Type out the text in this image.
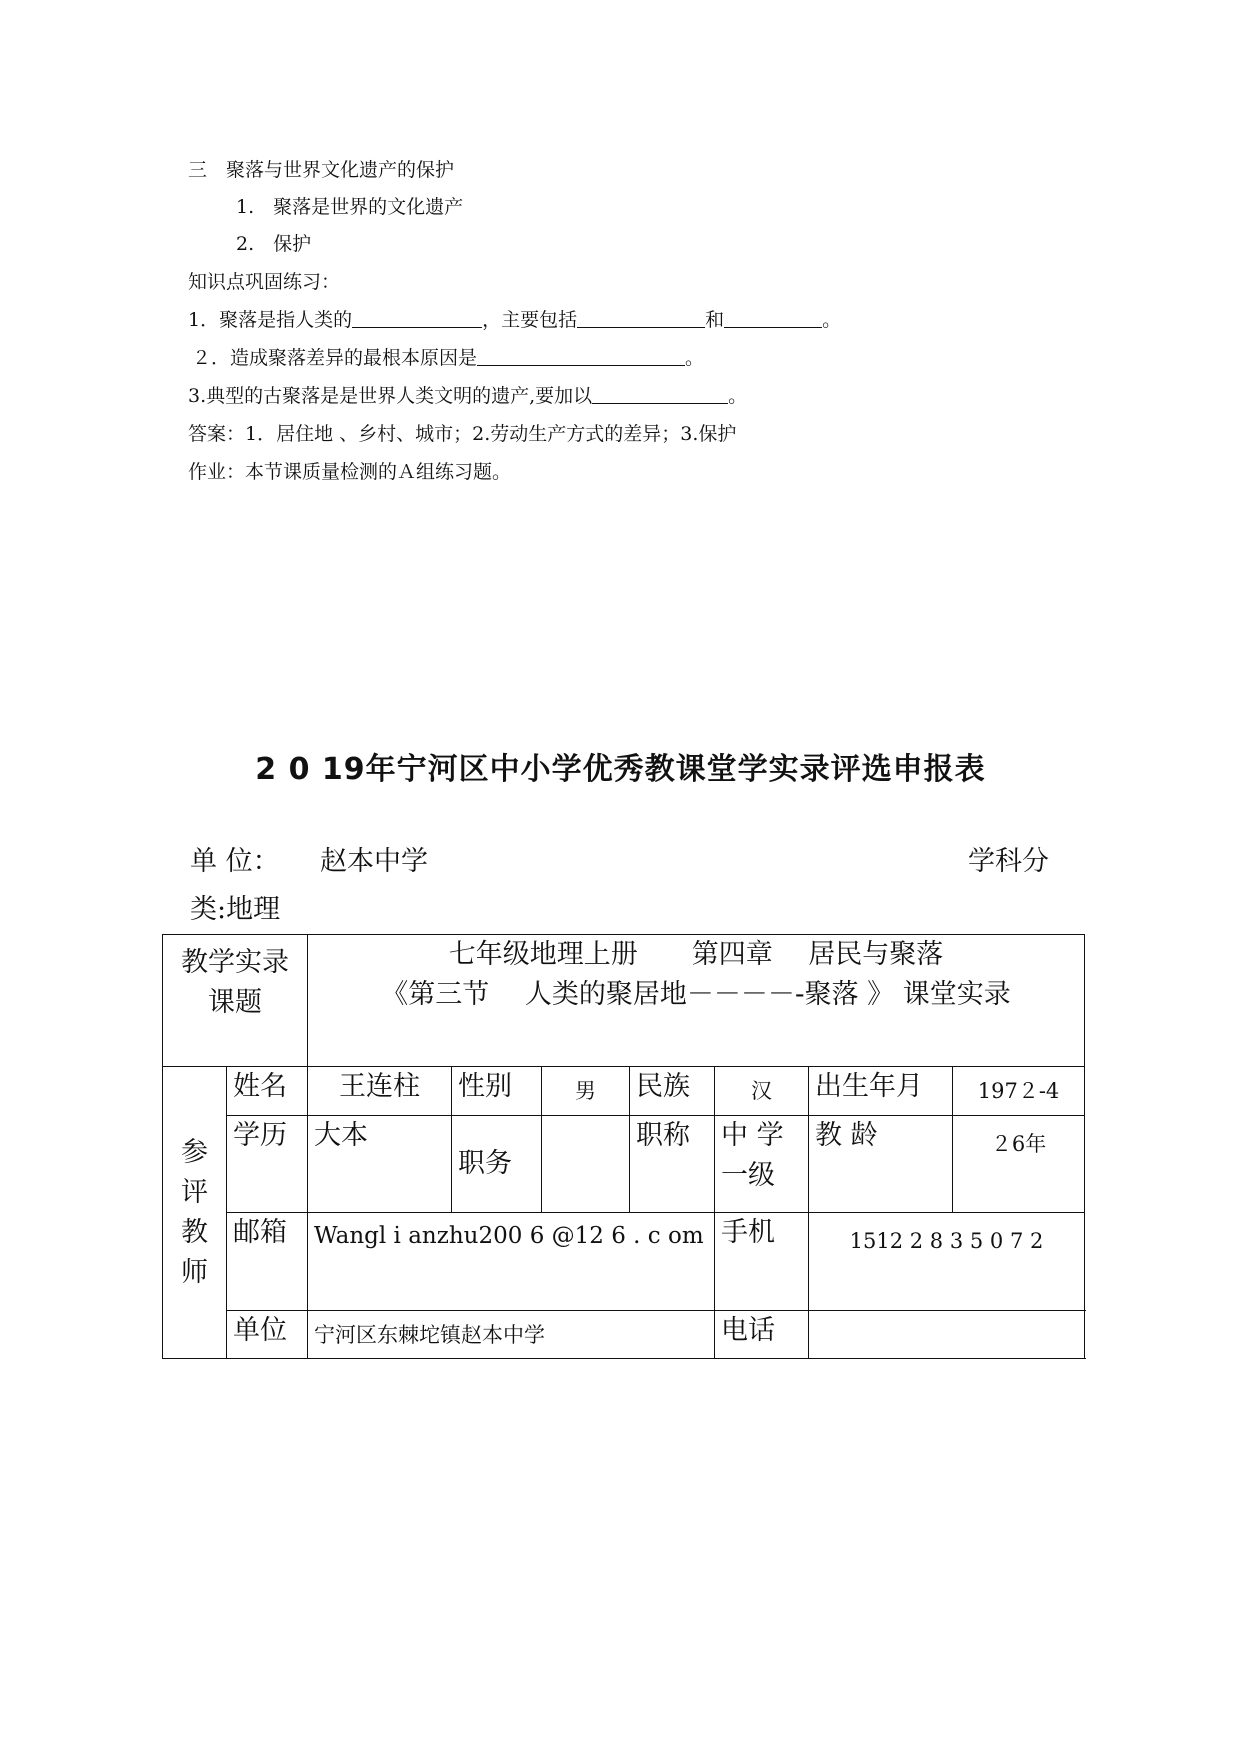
三　聚落与世界文化遗产的保护
1.　聚落是世界的文化遗产
2.　保护
知识点巩固练习：
1．聚落是指人类的	，主要包括	和	。
２．造成聚落差异的最根本原因是	。
3.典型的古聚落是是世界人类文明的遗产,要加以	。
答案：1．居住地 、乡村、城市；2.劳动生产方式的差异；3.保护
作业：本节课质量检测的Ａ组练习题。
2 0 19年宁河区中小学优秀教课堂学实录评选申报表
单 位： 赵本中学	学科分
类:地理
教学实录课题		七年级地理上册　　第四章　 居民与聚落
《第三节　 人类的聚居地－－－－-聚落 》 课堂实录						

参评教师	姓名	王连柱	性别	男	民族	汉	出生年月	197２-4
	学历	大本	职务		职称	中 学一级	教 龄	２6年
	邮箱	Wangl i anzhu200 6 @12 6 . c om				手机	1512 2 8 3 5 0 7 2	
	单位	宁河区东棘坨镇赵本中学				电话		
